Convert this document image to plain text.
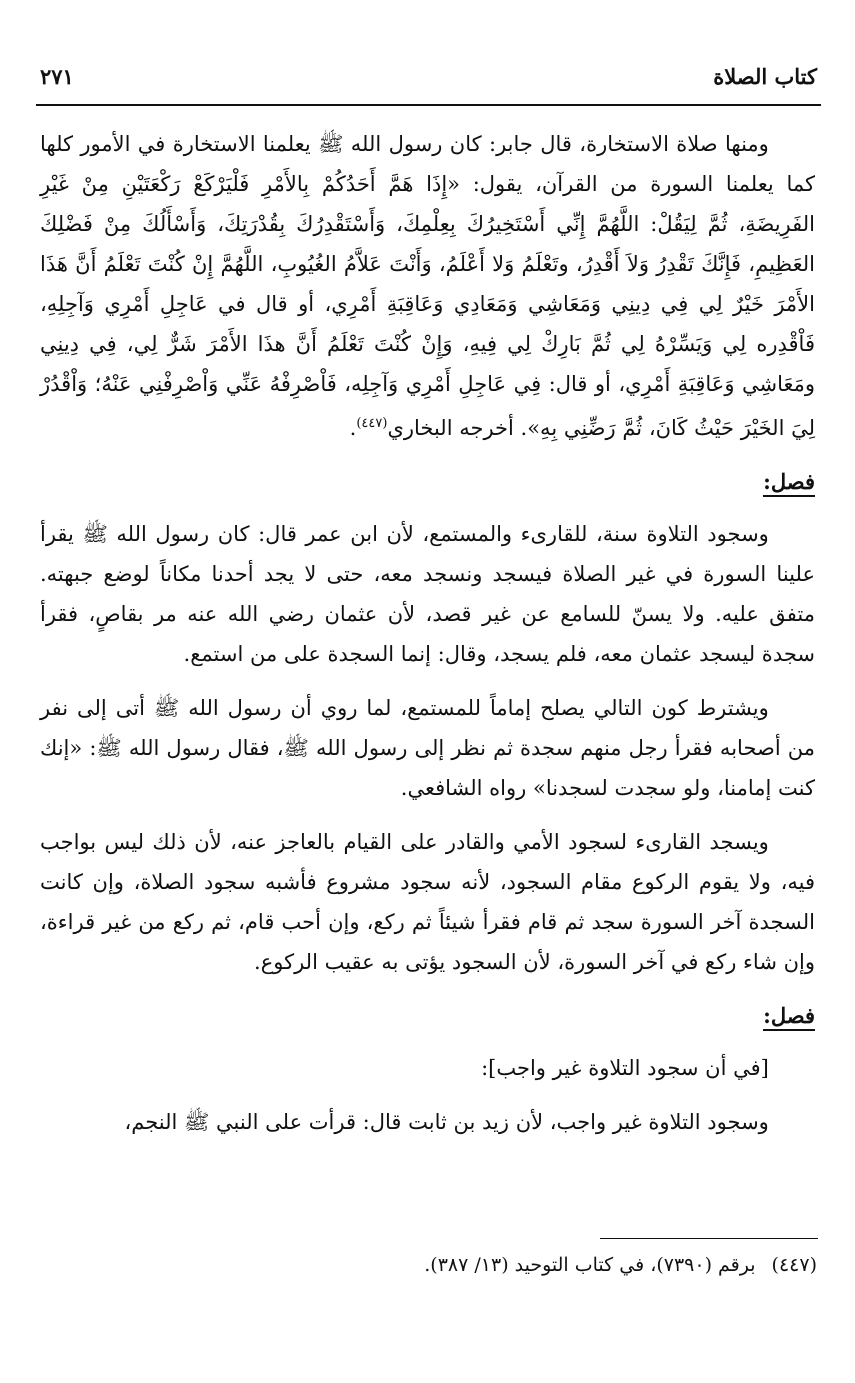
كتاب الصلاة
٢٧١

ومنها صلاة الاستخارة، قال جابر: كان رسول الله ﷺ يعلمنا الاستخارة في الأمور كلها كما يعلمنا السورة من القرآن، يقول: «إِذَا هَمَّ أَحَدُكُمْ بِالأَمْرِ فَلْيَرْكَعْ رَكْعَتَيْنِ مِنْ غَيْرِ الفَرِيضَةِ، ثُمَّ لِيَقُلْ: اللَّهُمَّ إِنِّي أَسْتَخِيرُكَ بِعِلْمِكَ، وَأَسْتَقْدِرُكَ بِقُدْرَتِكَ، وَأَسْأَلُكَ مِنْ فَضْلِكَ العَظِيمِ، فَإِنَّكَ تَقْدِرُ وَلاَ أَقْدِرُ، وتَعْلَمُ وَلا أَعْلَمُ، وَأَنْتَ عَلاَّمُ الغُيُوبِ، اللَّهُمَّ إِنْ كُنْتَ تَعْلَمُ أَنَّ هَذَا الأَمْرَ خَيْرٌ لِي فِي دِينِي وَمَعَاشِي وَمَعَادِي وَعَاقِبَةِ أَمْرِي، أو قال في عَاجِلِ أَمْرِي وَآجِلِهِ، فَاْقْدِره لِي وَيَسِّرْهُ لِي ثُمَّ بَارِكْ لِي فِيهِ، وَإِنْ كُنْتَ تَعْلَمُ أَنَّ هذَا الأَمْرَ شَرٌّ لِي، فِي دِينِي ومَعَاشِي وَعَاقِبَةِ أَمْرِي، أو قال: فِي عَاجِلِ أَمْرِي وَآجِلِه، فَاْصْرِفْهُ عَنِّي وَاْصْرِفْنِي عَنْهُ؛ وَاْقْدُرْ لِيَ الخَيْرَ حَيْثُ كَانَ، ثُمَّ رَضِّنِي بِهِ». أخرجه البخاري$^{(٤٤٧)}$.

فصل:

وسجود التلاوة سنة، للقارىء والمستمع، لأن ابن عمر قال: كان رسول الله ﷺ يقرأ علينا السورة في غير الصلاة فيسجد ونسجد معه، حتى لا يجد أحدنا مكاناً لوضع جبهته. متفق عليه. ولا يسنّ للسامع عن غير قصد، لأن عثمان رضي الله عنه مر بقاصٍ، فقرأ سجدة ليسجد عثمان معه، فلم يسجد، وقال: إنما السجدة على من استمع.

ويشترط كون التالي يصلح إماماً للمستمع، لما روي أن رسول الله ﷺ أتى إلى نفر من أصحابه فقرأ رجل منهم سجدة ثم نظر إلى رسول الله ﷺ، فقال رسول الله ﷺ: «إنك كنت إمامنا، ولو سجدت لسجدنا» رواه الشافعي.

ويسجد القارىء لسجود الأمي والقادر على القيام بالعاجز عنه، لأن ذلك ليس بواجب فيه، ولا يقوم الركوع مقام السجود، لأنه سجود مشروع فأشبه سجود الصلاة، وإن كانت السجدة آخر السورة سجد ثم قام فقرأ شيئاً ثم ركع، وإن أحب قام، ثم ركع من غير قراءة، وإن شاء ركع في آخر السورة، لأن السجود يؤتى به عقيب الركوع.

فصل:

[في أن سجود التلاوة غير واجب]:

وسجود التلاوة غير واجب، لأن زيد بن ثابت قال: قرأت على النبي ﷺ النجم،

(٤٤٧)برقم (٧٣٩٠)، في كتاب التوحيد (١٣/ ٣٨٧).
